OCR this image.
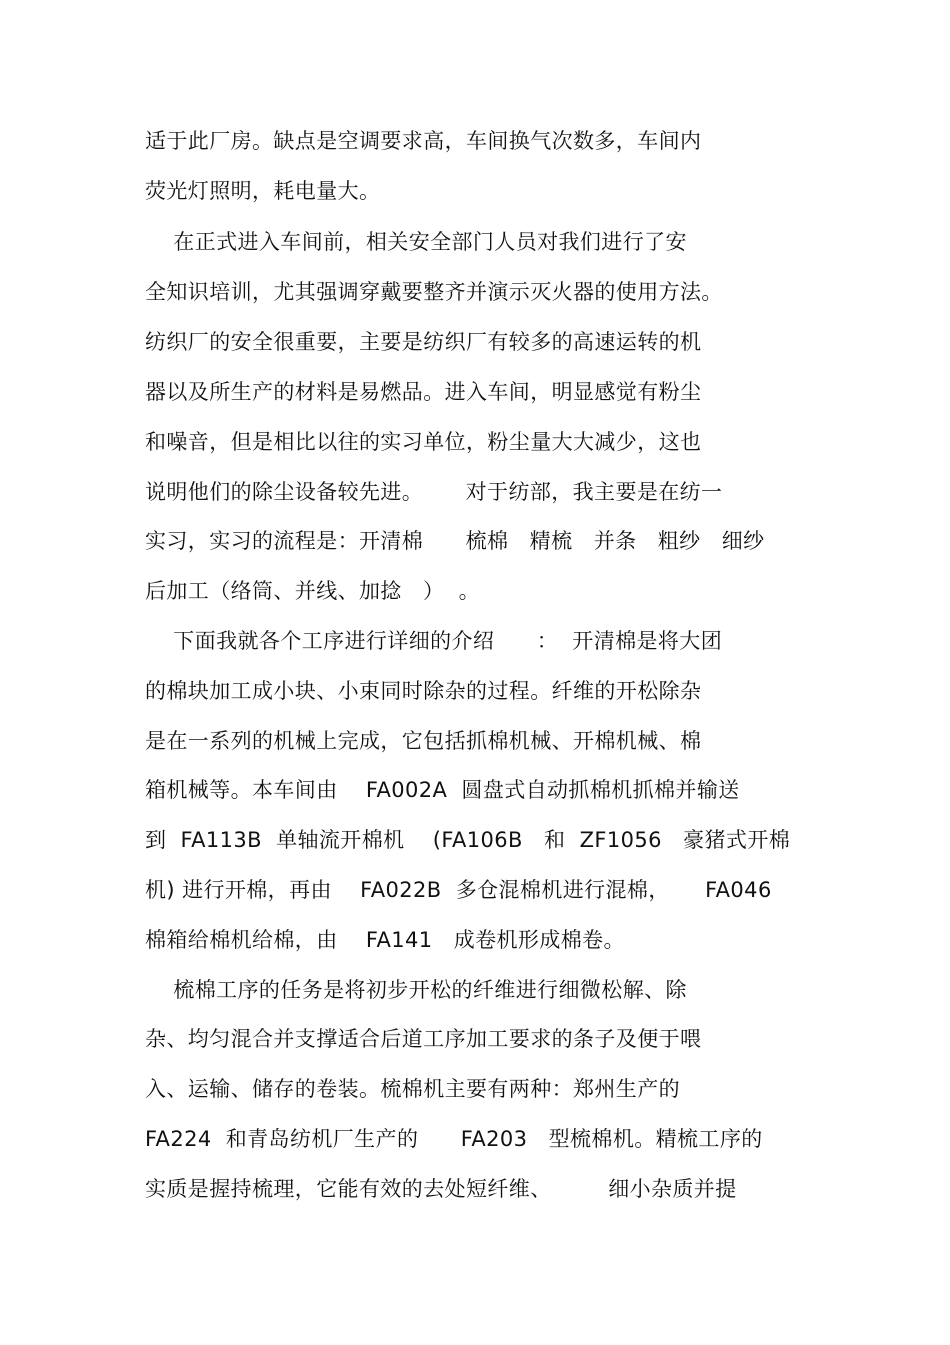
适于此厂房。缺点是空调要求高，车间换气次数多，车间内
荧光灯照明，耗电量大。
在正式进入车间前，相关安全部门人员对我们进行了安
全知识培训，尤其强调穿戴要整齐并演示灭火器的使用方法。
纺织厂的安全很重要，主要是纺织厂有较多的高速运转的机
器以及所生产的材料是易燃品。进入车间，明显感觉有粉尘
和噪音，但是相比以往的实习单位，粉尘量大大减少，这也
说明他们的除尘设备较先进。      对于纺部，我主要是在纺一
实习，实习的流程是：开清棉      梳棉   精梳   并条   粗纱   细纱
后加工（络筒、并线、加捻   ）  。
下面我就各个工序进行详细的介绍      ：  开清棉是将大团
的棉块加工成小块、小束同时除杂的过程。纤维的开松除杂
是在一系列的机械上完成，它包括抓棉机械、开棉机械、棉
箱机械等。本车间由    FA002A  圆盘式自动抓棉机抓棉并输送
到  FA113B  单轴流开棉机    (FA106B   和  ZF1056   豪猪式开棉
机) 进行开棉，再由    FA022B  多仓混棉机进行混棉，     FA046
棉箱给棉机给棉，由    FA141   成卷机形成棉卷。
梳棉工序的任务是将初步开松的纤维进行细微松解、除
杂、均匀混合并支撑适合后道工序加工要求的条子及便于喂
入、运输、储存的卷装。梳棉机主要有两种：郑州生产的
FA224  和青岛纺机厂生产的      FA203   型梳棉机。精梳工序的
实质是握持梳理，它能有效的去处短纤维、        细小杂质并提
